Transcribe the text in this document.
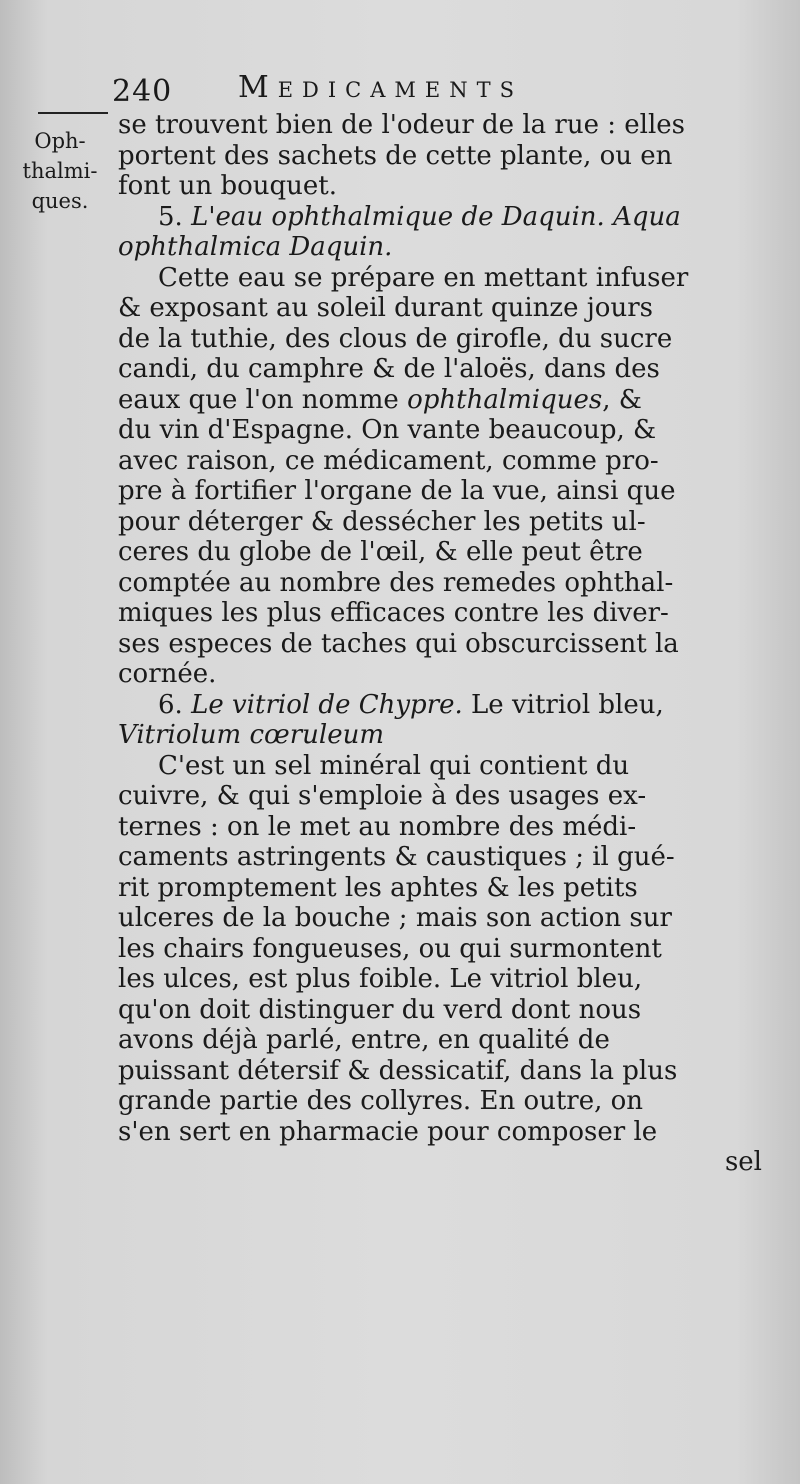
240 Medicaments
Oph-
thalmi-
ques.
se trouvent bien de l'odeur de la rue : elles
portent des sachets de cette plante, ou en
font un bouquet.
5. L'eau ophthalmique de Daquin. Aqua
ophthalmica Daquin.
Cette eau se prépare en mettant infuser
& exposant au soleil durant quinze jours
de la tuthie, des clous de girofle, du sucre
candi, du camphre & de l'aloës, dans des
eaux que l'on nomme ophthalmiques, &
du vin d'Espagne. On vante beaucoup, &
avec raison, ce médicament, comme pro-
pre à fortifier l'organe de la vue, ainsi que
pour déterger & dessécher les petits ul-
ceres du globe de l'œil, & elle peut être
comptée au nombre des remedes ophthal-
miques les plus efficaces contre les diver-
ses especes de taches qui obscurcissent la
cornée.
6. Le vitriol de Chypre. Le vitriol bleu,
Vitriolum cœruleum
C'est un sel minéral qui contient du
cuivre, & qui s'emploie à des usages ex-
ternes : on le met au nombre des médi-
caments astringents & caustiques ; il gué-
rit promptement les aphtes & les petits
ulceres de la bouche ; mais son action sur
les chairs fongueuses, ou qui surmontent
les ulces, est plus foible. Le vitriol bleu,
qu'on doit distinguer du verd dont nous
avons déjà parlé, entre, en qualité de
puissant détersif & dessicatif, dans la plus
grande partie des collyres. En outre, on
s'en sert en pharmacie pour composer le
sel
